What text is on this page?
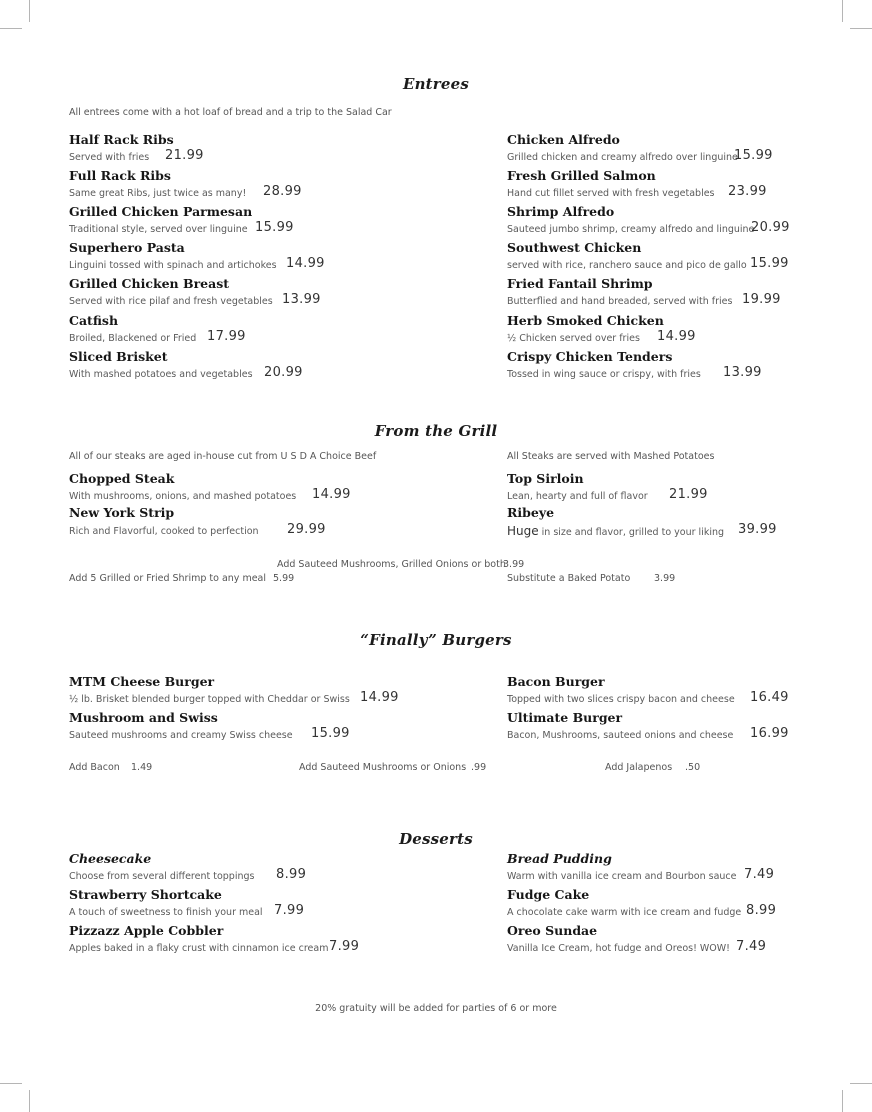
Entrees
All entrees come with a hot loaf of bread and a trip to the Salad Car
Half Rack Ribs
Served with fries 21.99
Full Rack Ribs
Same great Ribs, just twice as many! 28.99
Grilled Chicken Parmesan
Traditional style, served over linguine 15.99
Superhero Pasta
Linguini tossed with spinach and artichokes 14.99
Grilled Chicken Breast
Served with rice pilaf and fresh vegetables 13.99
Catfish
Broiled, Blackened or Fried 17.99
Sliced Brisket
With mashed potatoes and vegetables 20.99
Chicken Alfredo
Grilled chicken and creamy alfredo over linguine
15.99
Fresh Grilled Salmon
Hand cut fillet served with fresh vegetables 23.99
Shrimp Alfredo
Sauteed jumbo shrimp, creamy alfredo and linguine
20.99
Southwest Chicken
served with rice, ranchero sauce and pico de gallo 15.99
Fried Fantail Shrimp
Butterflied and hand breaded, served with fries 19.99
Herb Smoked Chicken
½ Chicken served over fries 14.99
Crispy Chicken Tenders
Tossed in wing sauce or crispy, with fries 13.99
From the Grill
All of our steaks are aged in-house cut from U S D A Choice Beef	All Steaks are served with Mashed Potatoes
Chopped Steak
With mushrooms, onions, and mashed potatoes 14.99
New York Strip
Rich and Flavorful, cooked to perfection 29.99
Top Sirloin
Lean, hearty and full of flavor 21.99
Ribeye
Huge in size and flavor, grilled to your liking 39.99
Add Sauteed Mushrooms, Grilled Onions or both
3.99
Add 5 Grilled or Fried Shrimp to any meal 5.99	Substitute a Baked Potato 3.99
“Finally” Burgers
MTM Cheese Burger
½ lb. Brisket blended burger topped with Cheddar or Swiss 14.99
Mushroom and Swiss
Sauteed mushrooms and creamy Swiss cheese 15.99
Bacon Burger
Topped with two slices crispy bacon and cheese 16.49
Ultimate Burger
Bacon, Mushrooms, sauteed onions and cheese 16.99
Add Bacon 1.49	Add Sauteed Mushrooms or Onions .99	Add Jalapenos .50
Desserts
Cheesecake
Choose from several different toppings 8.99
Strawberry Shortcake
A touch of sweetness to finish your meal 7.99
Pizzazz Apple Cobbler
Apples baked in a flaky crust with cinnamon ice cream 7.99
Bread Pudding
Warm with vanilla ice cream and Bourbon sauce 7.49
Fudge Cake
A chocolate cake warm with ice cream and fudge 8.99
Oreo Sundae
Vanilla Ice Cream, hot fudge and Oreos! WOW! 7.49
20% gratuity will be added for parties of 6 or more
